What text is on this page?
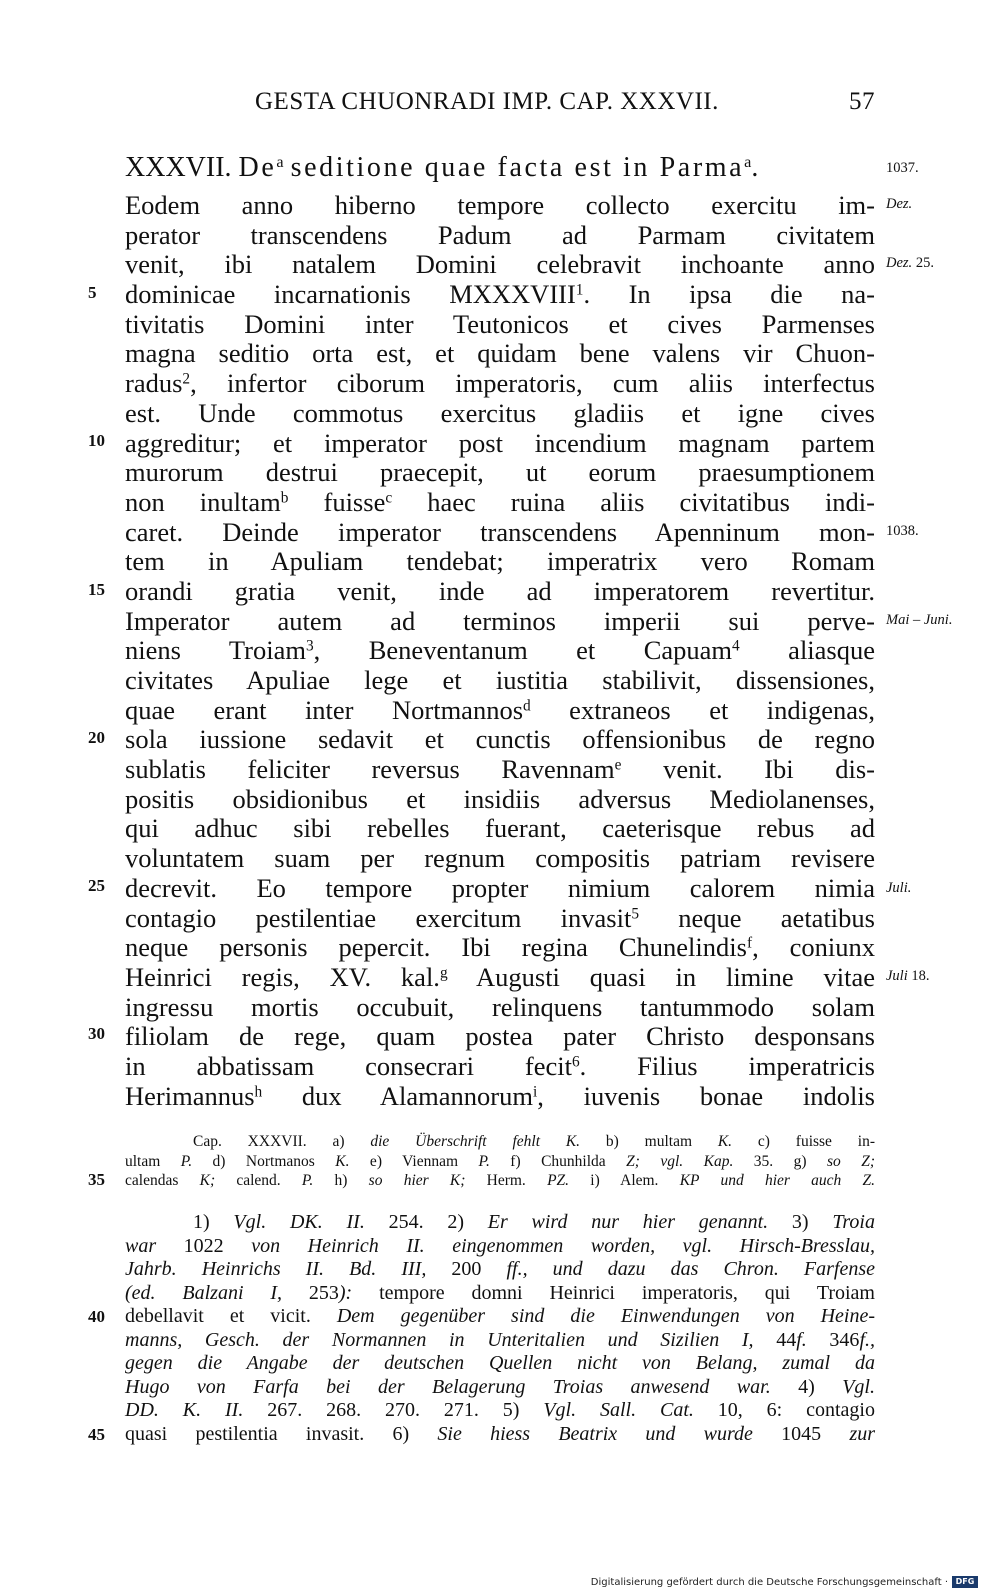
GESTA CHUONRADI IMP. CAP. XXXVII.	57
XXXVII. De$^a$ seditione quae facta est in Parma$^a$.
Eodem anno hiberno tempore collecto exercitu im-
perator transcendens Padum ad Parmam civitatem
venit, ibi natalem Domini celebravit inchoante anno
dominicae incarnationis MXXXVIII$^1$. In ipsa die na-
tivitatis Domini inter Teutonicos et cives Parmenses
magna seditio orta est, et quidam bene valens vir Chuon-
radus$^2$, infertor ciborum imperatoris, cum aliis interfectus
est. Unde commotus exercitus gladiis et igne cives
aggreditur; et imperator post incendium magnam partem
murorum destrui praecepit, ut eorum praesumptionem
non inultam$^b$ fuisse$^c$ haec ruina aliis civitatibus indi-
caret. Deinde imperator transcendens Apenninum mon-
tem in Apuliam tendebat; imperatrix vero Romam
orandi gratia venit, inde ad imperatorem revertitur.
Imperator autem ad terminos imperii sui perve-
niens Troiam$^3$, Beneventanum et Capuam$^4$ aliasque
civitates Apuliae lege et iustitia stabilivit, dissensiones,
quae erant inter Nortmannos$^d$ extraneos et indigenas,
sola iussione sedavit et cunctis offensionibus de regno
sublatis feliciter reversus Ravennam$^e$ venit. Ibi dis-
positis obsidionibus et insidiis adversus Mediolanenses,
qui adhuc sibi rebelles fuerant, caeterisque rebus ad
voluntatem suam per regnum compositis patriam revisere
decrevit. Eo tempore propter nimium calorem nimia
contagio pestilentiae exercitum invasit$^5$ neque aetatibus
neque personis pepercit. Ibi regina Chunelindis$^f$, coniunx
Heinrici regis, XV. kal.$^g$ Augusti quasi in limine vitae
ingressu mortis occubuit, relinquens tantummodo solam
filiolam de rege, quam postea pater Christo desponsans
in abbatissam consecrari fecit$^6$. Filius imperatricis
Herimannus$^h$ dux Alamannorum$^i$, iuvenis bonae indolis
5
10
15
20
25
30
1037.
Dez.
Dez. 25.
1038.
Mai – Juni.
Juli.
Juli 18.
Cap. XXXVII. a) die Überschrift fehlt K. b) multam K. c) fuisse in-
ultam P. d) Nortmanos K. e) Viennam P. f) Chunhilda Z; vgl. Kap. 35. g) so Z;
calendas K; calend. P. h) so hier K; Herm. PZ. i) Alem. KP und hier auch Z.
35
1) Vgl. DK. II. 254. 2) Er wird nur hier genannt. 3) Troia
war 1022 von Heinrich II. eingenommen worden, vgl. Hirsch-Bresslau,
Jahrb. Heinrichs II. Bd. III, 200 ff., und dazu das Chron. Farfense
(ed. Balzani I, 253): tempore domni Heinrici imperatoris, qui Troiam
debellavit et vicit. Dem gegenüber sind die Einwendungen von Heine-
manns, Gesch. der Normannen in Unteritalien und Sizilien I, 44f. 346f.,
gegen die Angabe der deutschen Quellen nicht von Belang, zumal da
Hugo von Farfa bei der Belagerung Troias anwesend war. 4) Vgl.
DD. K. II. 267. 268. 270. 271. 5) Vgl. Sall. Cat. 10, 6: contagio
quasi pestilentia invasit. 6) Sie hiess Beatrix und wurde 1045 zur
40
45
Digitalisierung gefördert durch die Deutsche Forschungsgemeinschaft · DFG
